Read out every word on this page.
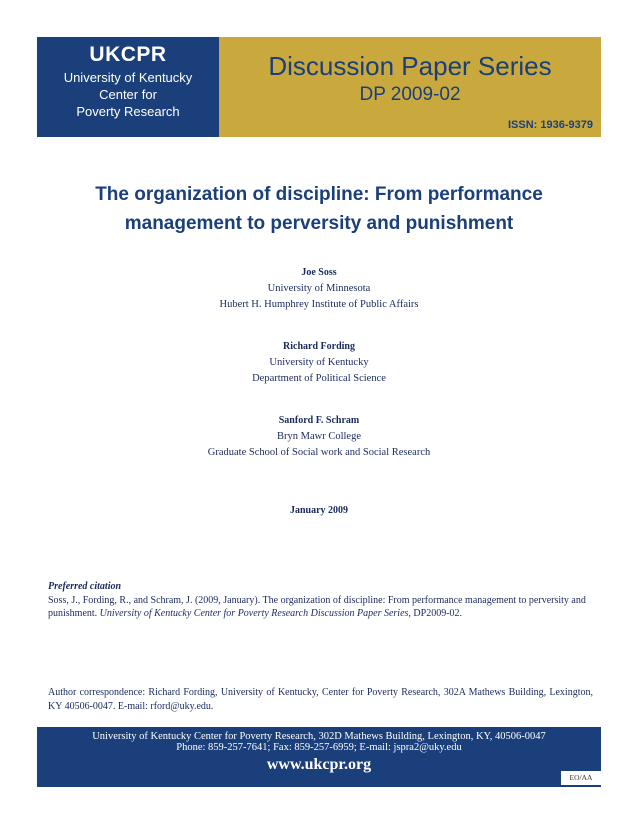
UKCPR
University of Kentucky
Center for
Poverty Research
Discussion Paper Series
DP 2009-02
ISSN: 1936-9379
The organization of discipline: From performance
management to perversity and punishment
Joe Soss
University of Minnesota
Hubert H. Humphrey Institute of Public Affairs
Richard Fording
University of Kentucky
Department of Political Science
Sanford F. Schram
Bryn Mawr College
Graduate School of Social work and Social Research
January 2009
Preferred citation
Soss, J., Fording, R., and Schram, J. (2009, January). The organization of discipline: From performance management to perversity and punishment. University of Kentucky Center for Poverty Research Discussion Paper Series, DP2009-02.
Author correspondence: Richard Fording, University of Kentucky, Center for Poverty Research, 302A Mathews Building, Lexington, KY 40506-0047. E-mail: rford@uky.edu.
University of Kentucky Center for Poverty Research, 302D Mathews Building, Lexington, KY, 40506-0047
Phone: 859-257-7641; Fax: 859-257-6959; E-mail: jspra2@uky.edu
www.ukcpr.org
EO/AA
